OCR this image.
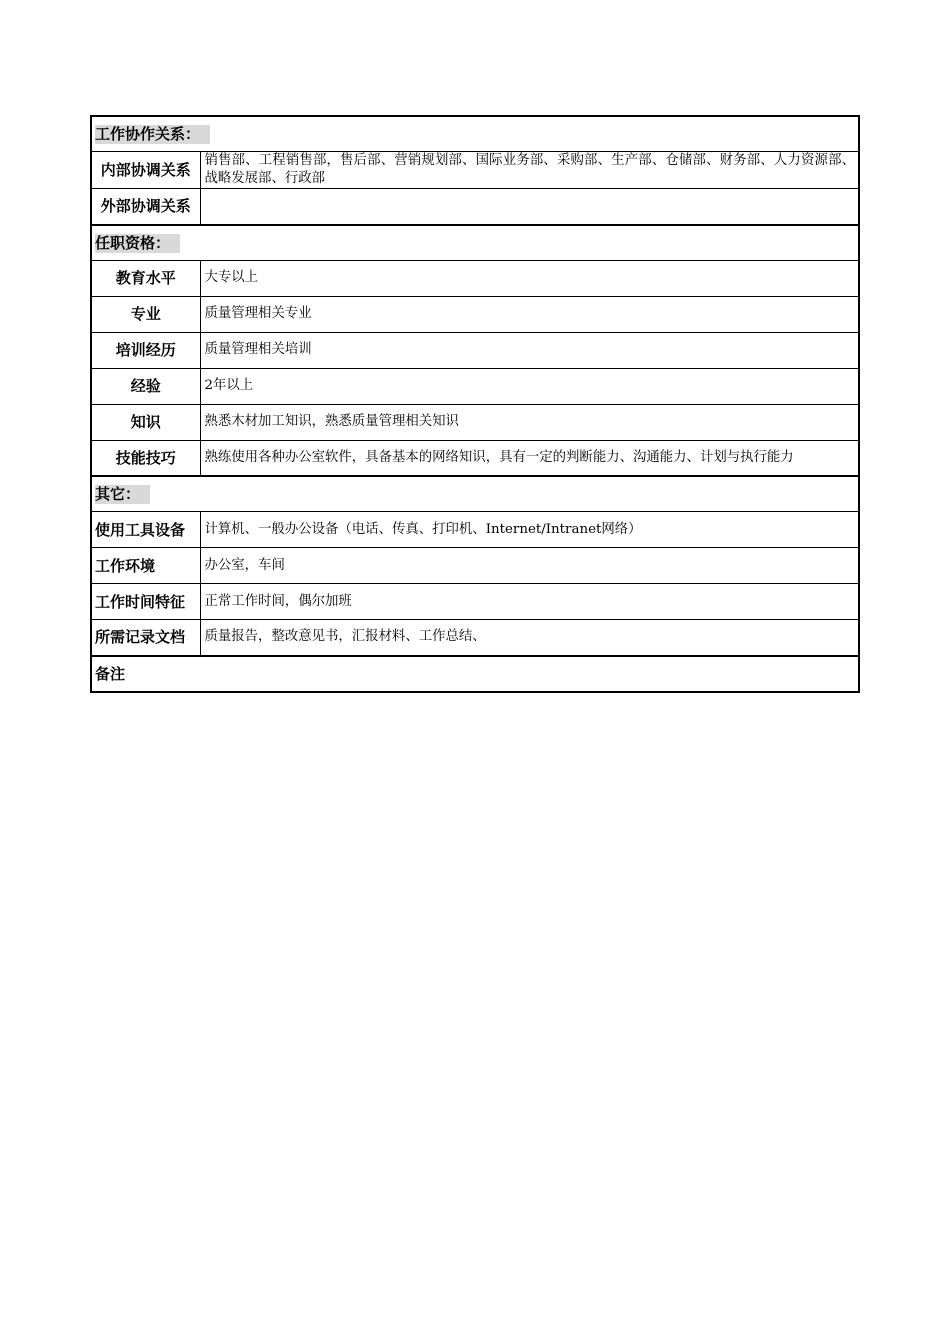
工作协作关系：	
内部协调关系	销售部、工程销售部，售后部、营销规划部、国际业务部、采购部、生产部、仓储部、财务部、人力资源部、战略发展部、行政部
外部协调关系	
任职资格：	
教育水平	大专以上
专业	质量管理相关专业
培训经历	质量管理相关培训
经验	2年以上
知识	熟悉木材加工知识，熟悉质量管理相关知识
技能技巧	熟练使用各种办公室软件，具备基本的网络知识，具有一定的判断能力、沟通能力、计划与执行能力
其它：	
使用工具设备	计算机、一般办公设备（电话、传真、打印机、Internet/Intranet网络）
工作环境	办公室，车间
工作时间特征	正常工作时间，偶尔加班
所需记录文档	质量报告，整改意见书，汇报材料、工作总结、
备注	
